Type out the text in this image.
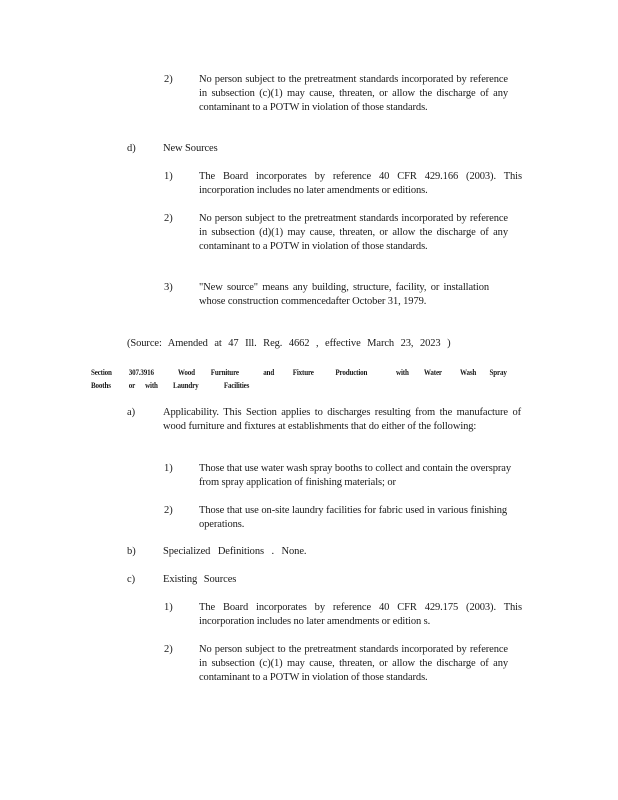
2)	No person subject to the pretreatment standards incorporated by reference in subsection (c)(1) may cause, threaten, or allow the discharge of any contaminant to a POTW in violation of those standards.

d)	New Sources
1)	The Board incorporates by reference 40 CFR 429.166 (2003). This incorporation includes no later amendments or editions.

2)	No person subject to the pretreatment standards incorporated by reference in subsection (d)(1) may cause, threaten, or allow the discharge of any contaminant to a POTW in violation of those standards.

3)	"New source" means any building, structure, facility, or installation whose construction commencedafter October 31, 1979.

(Source: Amended at 47 Ill. Reg. 4662 , effective March 23, 2023 )
Section	307.3916	Wood	Furniture	and	Fixture	Production	with	Water	Wash	Spray
Booths	or	with	Laundry	Facilities
a)	Applicability. This Section applies to discharges resulting from the manufacture of wood furniture and fixtures at establishments that do either of the following:

1)	Those that use water wash spray booths to collect and contain the overspray from spray application of finishing materials; or

2)	Those that use on-site laundry facilities for fabric used in various finishing operations.

b)	Specialized Definitions . None.
c)	Existing Sources
1)	The Board incorporates by reference 40 CFR 429.175 (2003). This incorporation includes no later amendments or edition s.

2)	No person subject to the pretreatment standards incorporated by reference in subsection (c)(1) may cause, threaten, or allow the discharge of any contaminant to a POTW in violation of those standards.
